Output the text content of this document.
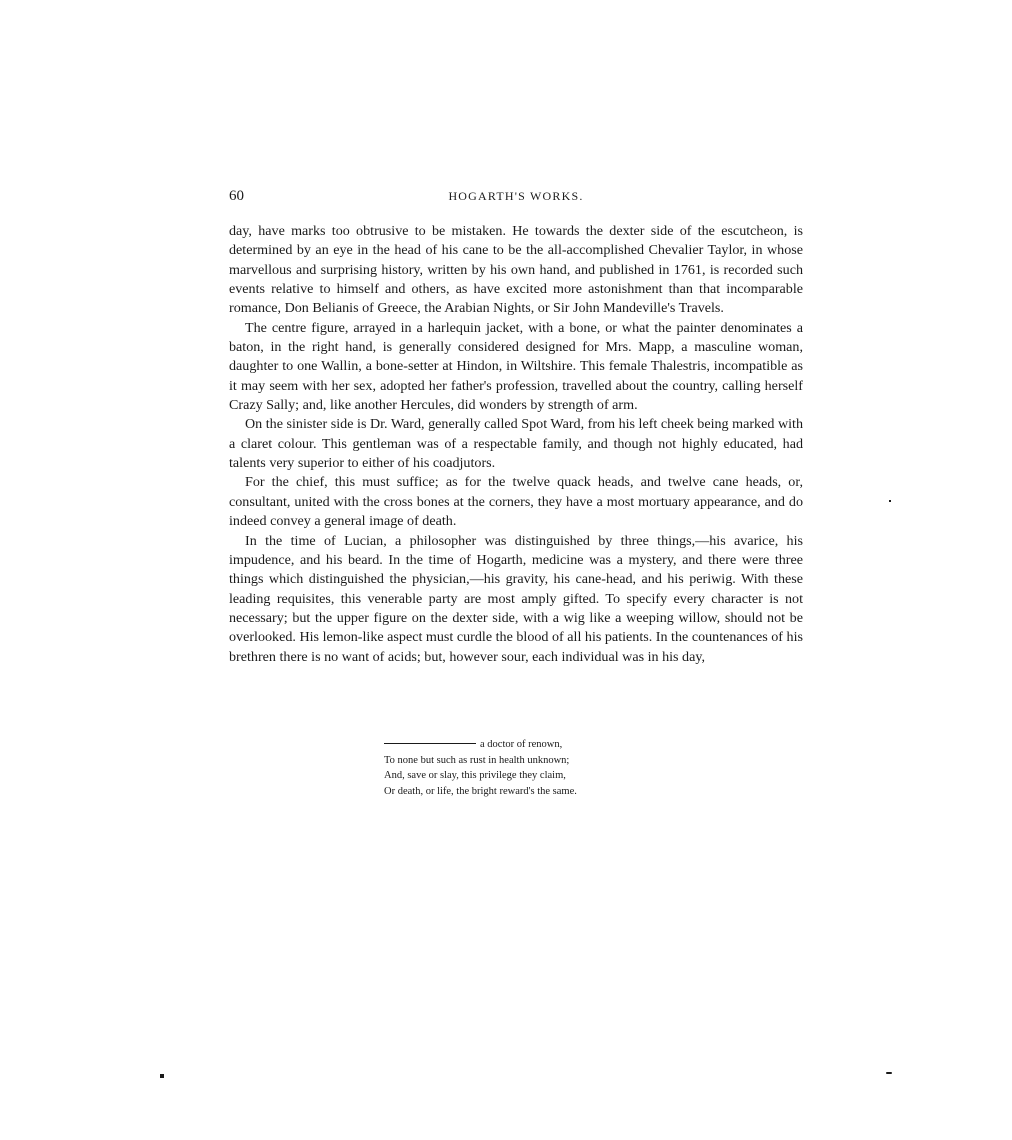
60	HOGARTH'S WORKS.

day, have marks too obtrusive to be mistaken. He towards the dexter side of the escutcheon, is determined by an eye in the head of his cane to be the all-accomplished Chevalier Taylor, in whose marvellous and surprising history, written by his own hand, and published in 1761, is recorded such events relative to himself and others, as have excited more astonishment than that incomparable romance, Don Belianis of Greece, the Arabian Nights, or Sir John Mandeville's Travels.

The centre figure, arrayed in a harlequin jacket, with a bone, or what the painter denominates a baton, in the right hand, is generally considered designed for Mrs. Mapp, a masculine woman, daughter to one Wallin, a bone-setter at Hindon, in Wiltshire. This female Thalestris, incompatible as it may seem with her sex, adopted her father's profession, travelled about the country, calling herself Crazy Sally; and, like another Hercules, did wonders by strength of arm.

On the sinister side is Dr. Ward, generally called Spot Ward, from his left cheek being marked with a claret colour. This gentleman was of a respectable family, and though not highly educated, had talents very superior to either of his coadjutors.

For the chief, this must suffice; as for the twelve quack heads, and twelve cane heads, or, consultant, united with the cross bones at the corners, they have a most mortuary appearance, and do indeed convey a general image of death.

In the time of Lucian, a philosopher was distinguished by three things,—his avarice, his impudence, and his beard. In the time of Hogarth, medicine was a mystery, and there were three things which distinguished the physician,—his gravity, his cane-head, and his periwig. With these leading requisites, this venerable party are most amply gifted. To specify every character is not necessary; but the upper figure on the dexter side, with a wig like a weeping willow, should not be overlooked. His lemon-like aspect must curdle the blood of all his patients. In the countenances of his brethren there is no want of acids; but, however sour, each individual was in his day,

a doctor of renown,
To none but such as rust in health unknown;
And, save or slay, this privilege they claim,
Or death, or life, the bright reward's the same.
